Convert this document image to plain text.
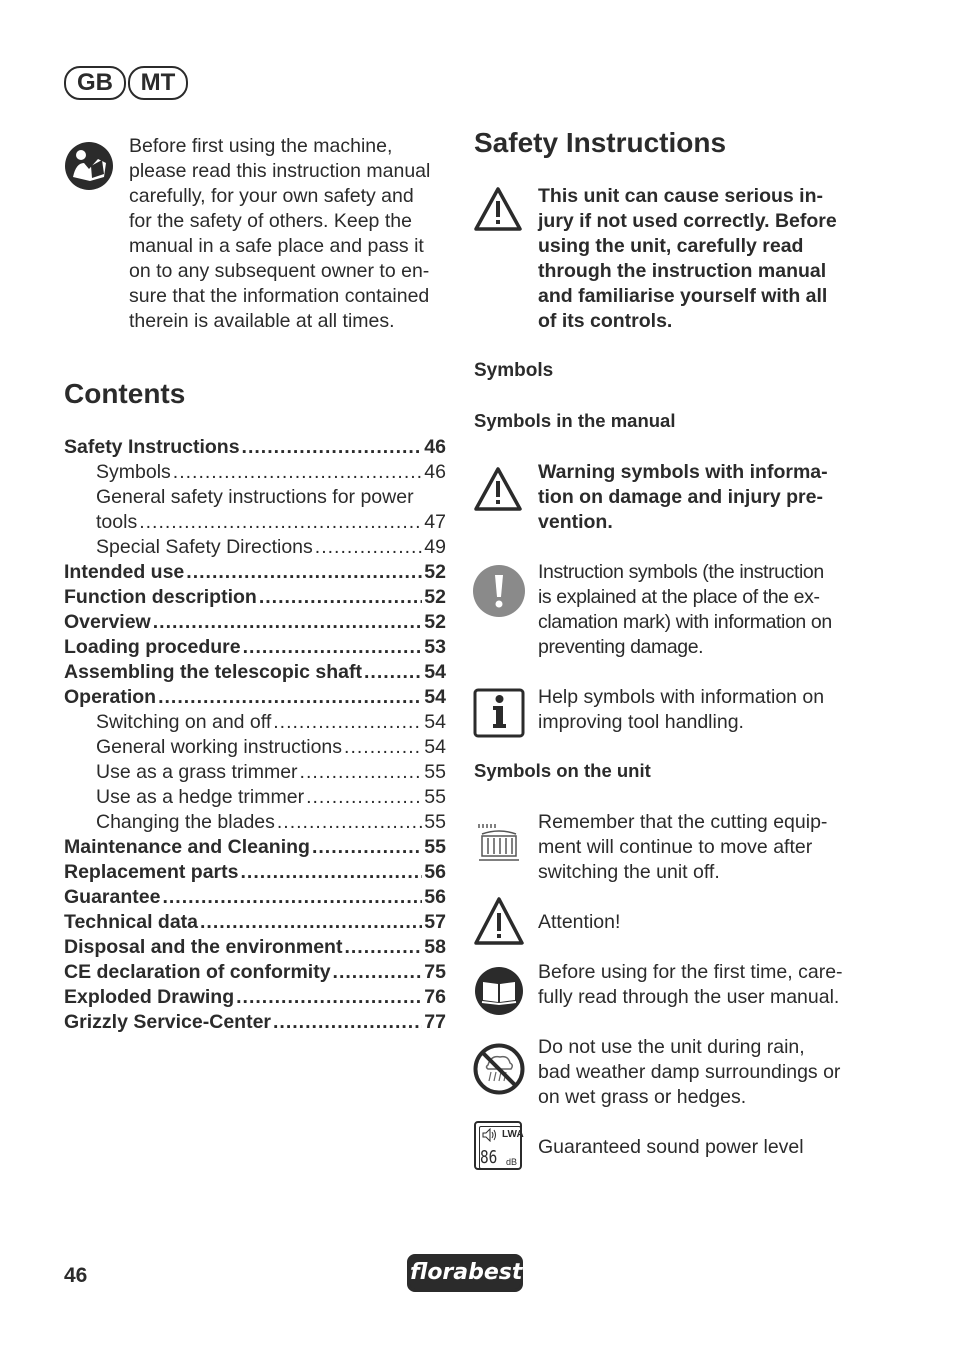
GB	MT
Before first using the machine,
please read this instruction manual
carefully, for your own safety and
for the safety of others. Keep the
manual in a safe place and pass it
on to any subsequent owner to en-
sure that the information contained
therein is available at all times.
Contents
Safety Instructions .....	46
Symbols .....	46
General safety instructions for power
tools .....	47
Special Safety Directions .....	49
Intended use .....	52
Function description .....	52
Overview .....	52
Loading procedure .....	53
Assembling the telescopic shaft .....	54
Operation .....	54
Switching on and off .....	54
General working instructions .....	54
Use as a grass trimmer .....	55
Use as a hedge trimmer .....	55
Changing the blades .....	55
Maintenance and Cleaning .....	55
Replacement parts .....	56
Guarantee .....	56
Technical data .....	57
Disposal and the environment .....	58
CE declaration of conformity .....	75
Exploded Drawing .....	76
Grizzly Service-Center .....	77
Safety Instructions
This unit can cause serious in-
jury if not used correctly. Before
using the unit, carefully read
through the instruction manual
and familiarise yourself with all
of its controls.
Symbols
Symbols in the manual
Warning symbols with informa-
tion on damage and injury pre-
vention.
Instruction symbols (the instruction
is explained at the place of the ex-
clamation mark) with information on
preventing damage.
Help symbols with information on
improving tool handling.
Symbols on the unit
Remember that the cutting equip-
ment will continue to move after
switching the unit off.
Attention!
Before using for the first time, care-
fully read through the user manual.
Do not use the unit during rain,
bad weather damp surroundings or
on wet grass or hedges.
LWA
86 dB
Guaranteed sound power level
46	florabest
